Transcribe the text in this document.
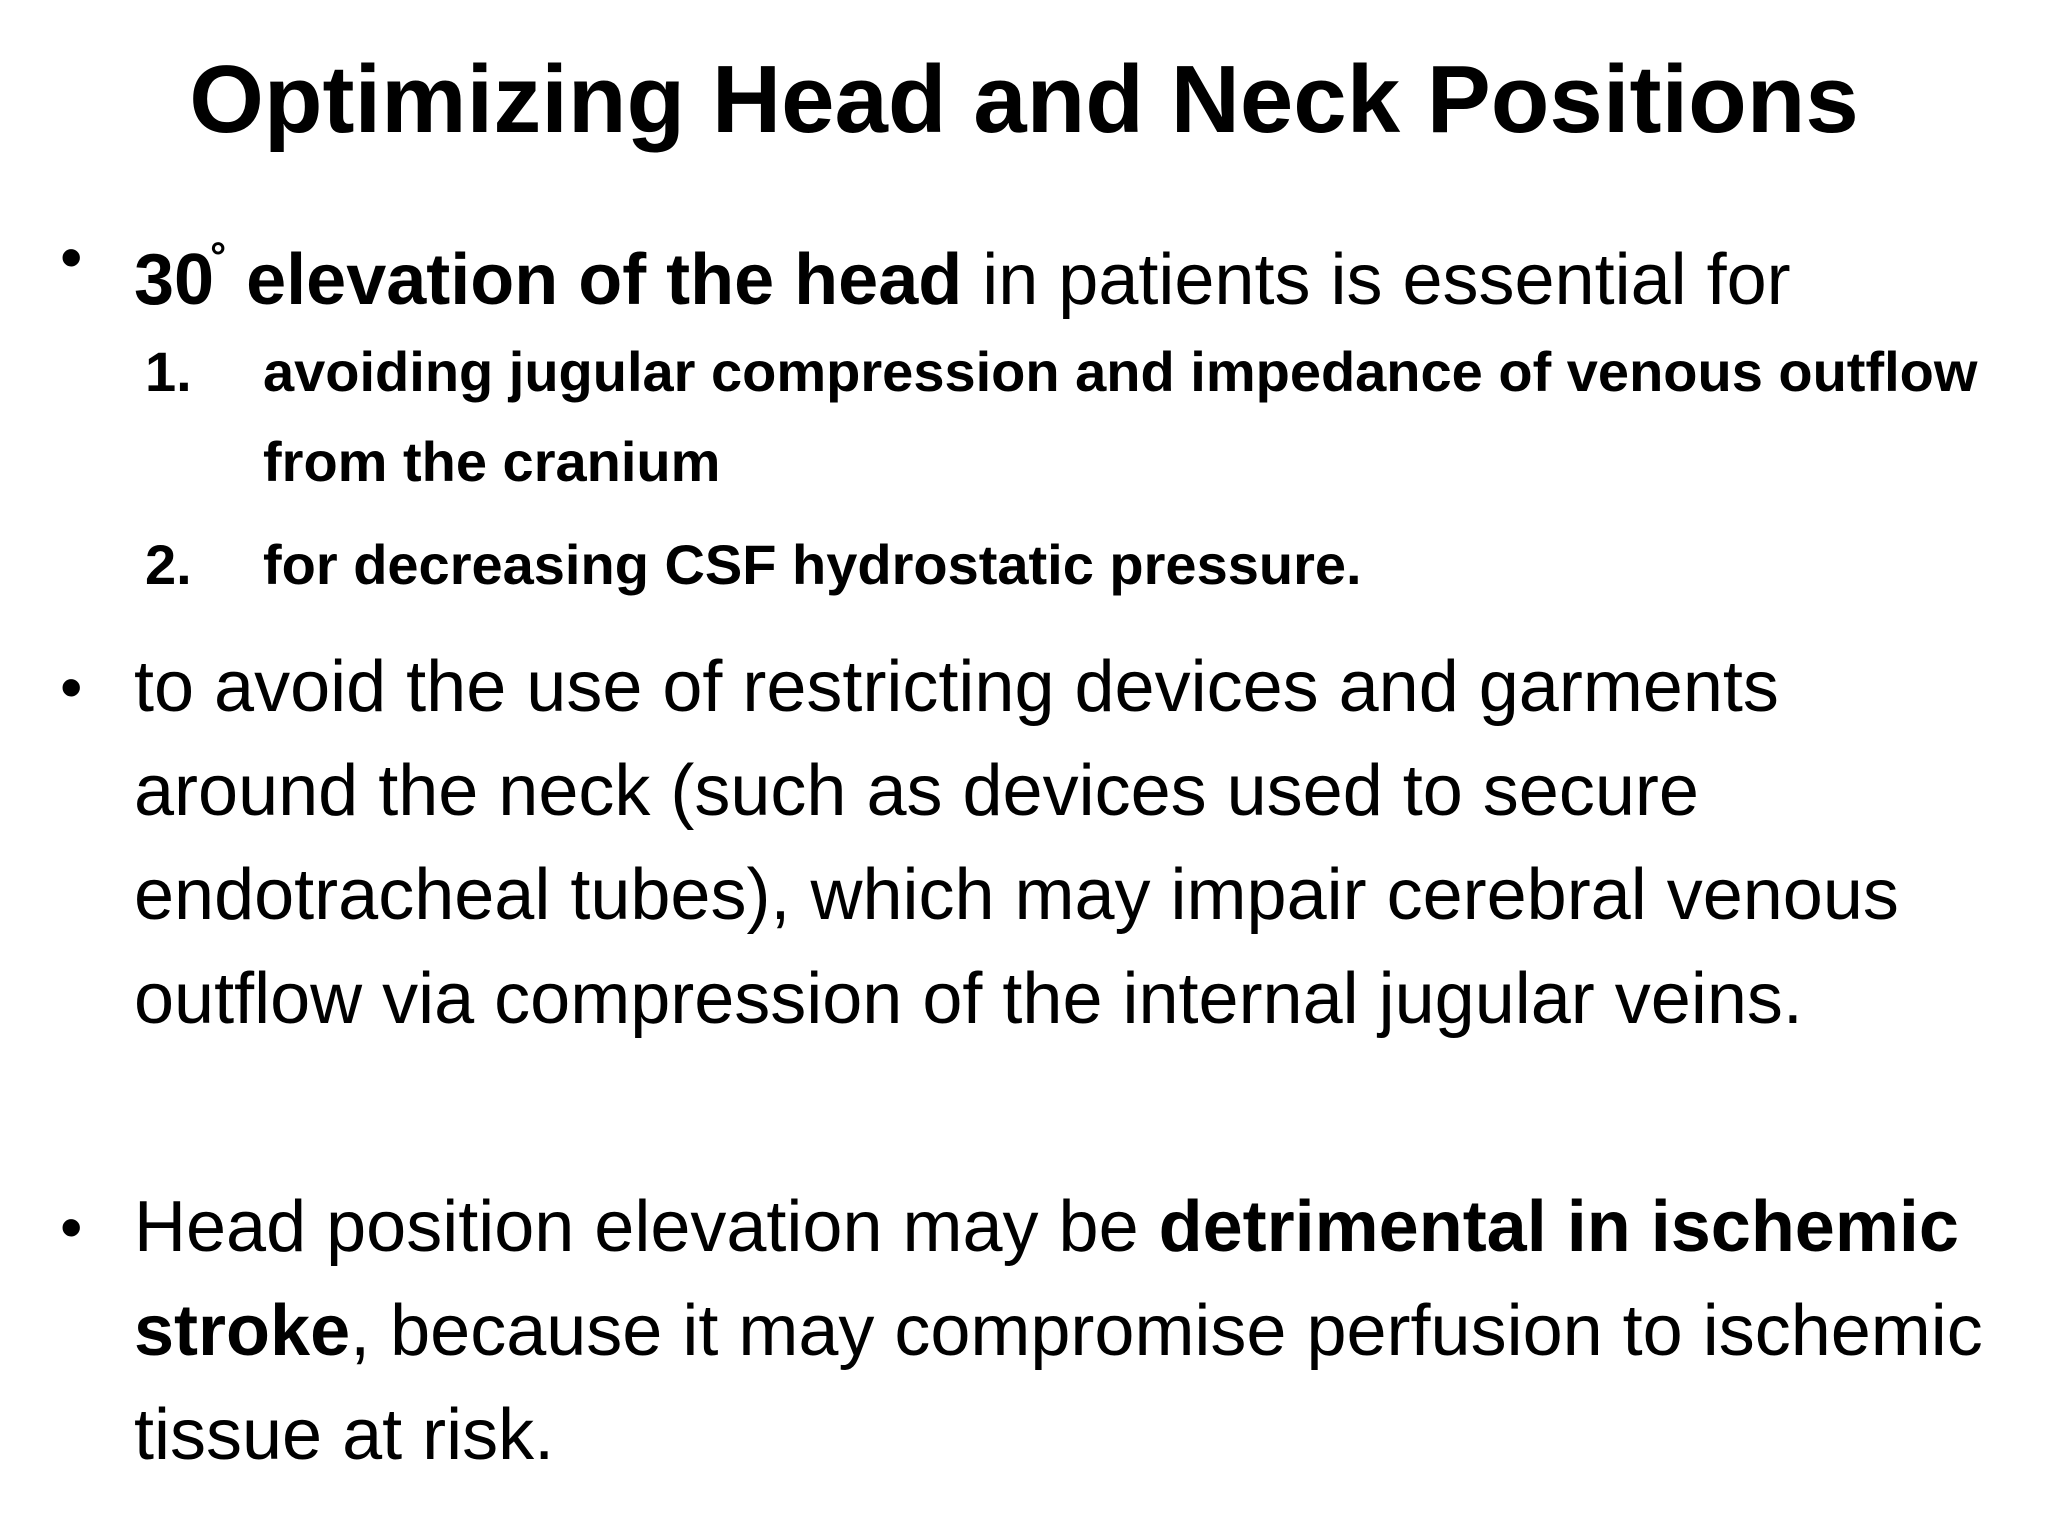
Optimizing Head and Neck Positions
• 30° elevation of the head in patients is essential for
1.	avoiding jugular compression and impedance of venous outflow from the cranium
2.	for decreasing CSF hydrostatic pressure.
• to avoid the use of restricting devices and garments around the neck (such as devices used to secure endotracheal tubes), which may impair cerebral venous outflow via compression of the internal jugular veins.
• Head position elevation may be detrimental in ischemic stroke, because it may compromise perfusion to ischemic tissue at risk.
